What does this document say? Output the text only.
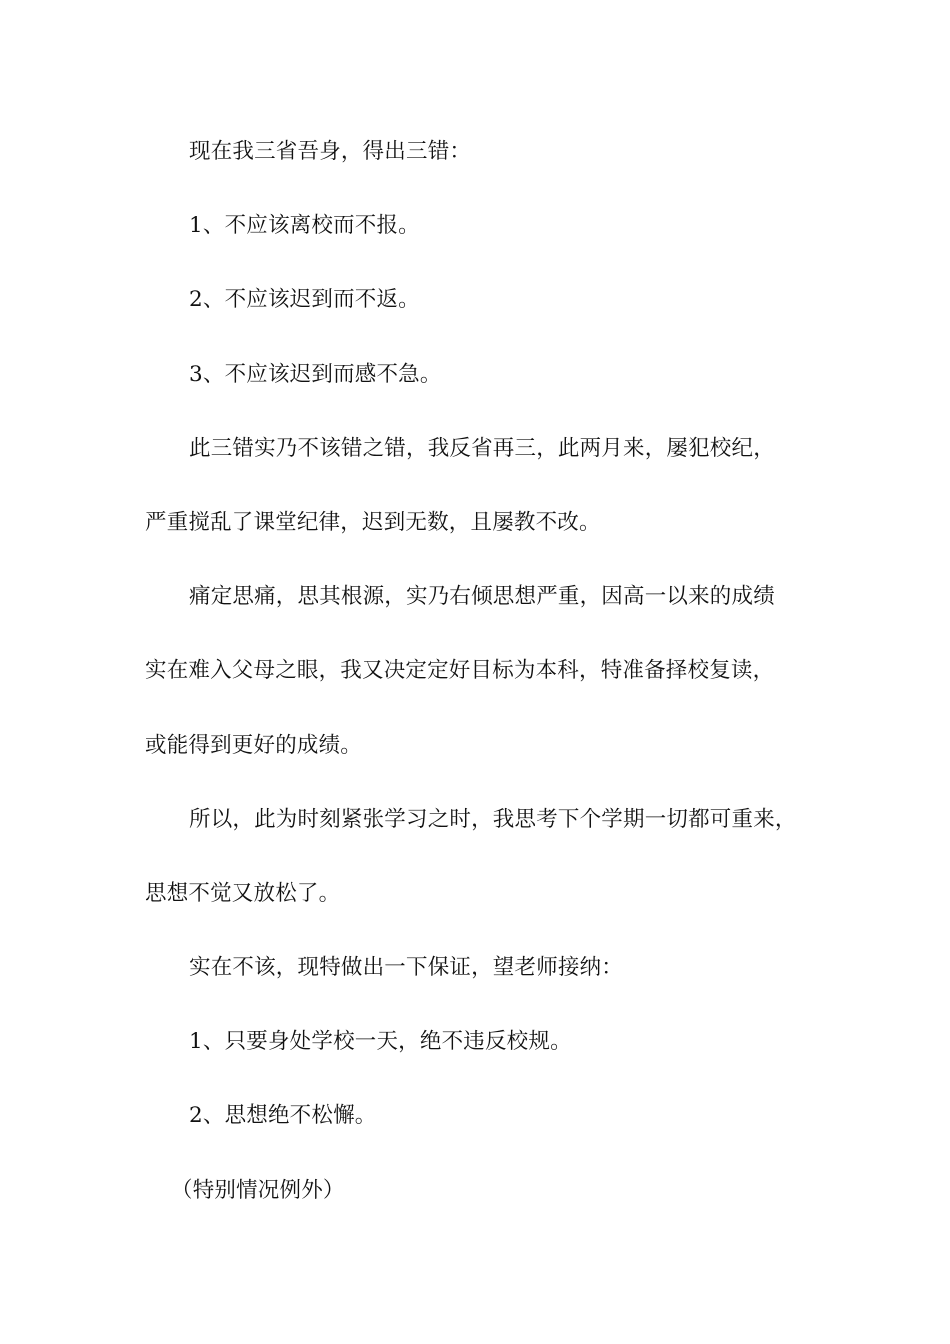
现在我三省吾身，得出三错：
1、不应该离校而不报。
2、不应该迟到而不返。
3、不应该迟到而感不急。
此三错实乃不该错之错，我反省再三，此两月来，屡犯校纪，
严重搅乱了课堂纪律，迟到无数，且屡教不改。
痛定思痛，思其根源，实乃右倾思想严重，因高一以来的成绩
实在难入父母之眼，我又决定定好目标为本科，特准备择校复读，
或能得到更好的成绩。
所以，此为时刻紧张学习之时，我思考下个学期一切都可重来，
思想不觉又放松了。
实在不该，现特做出一下保证，望老师接纳：
1、只要身处学校一天，绝不违反校规。
2、思想绝不松懈。
（特别情况例外）
